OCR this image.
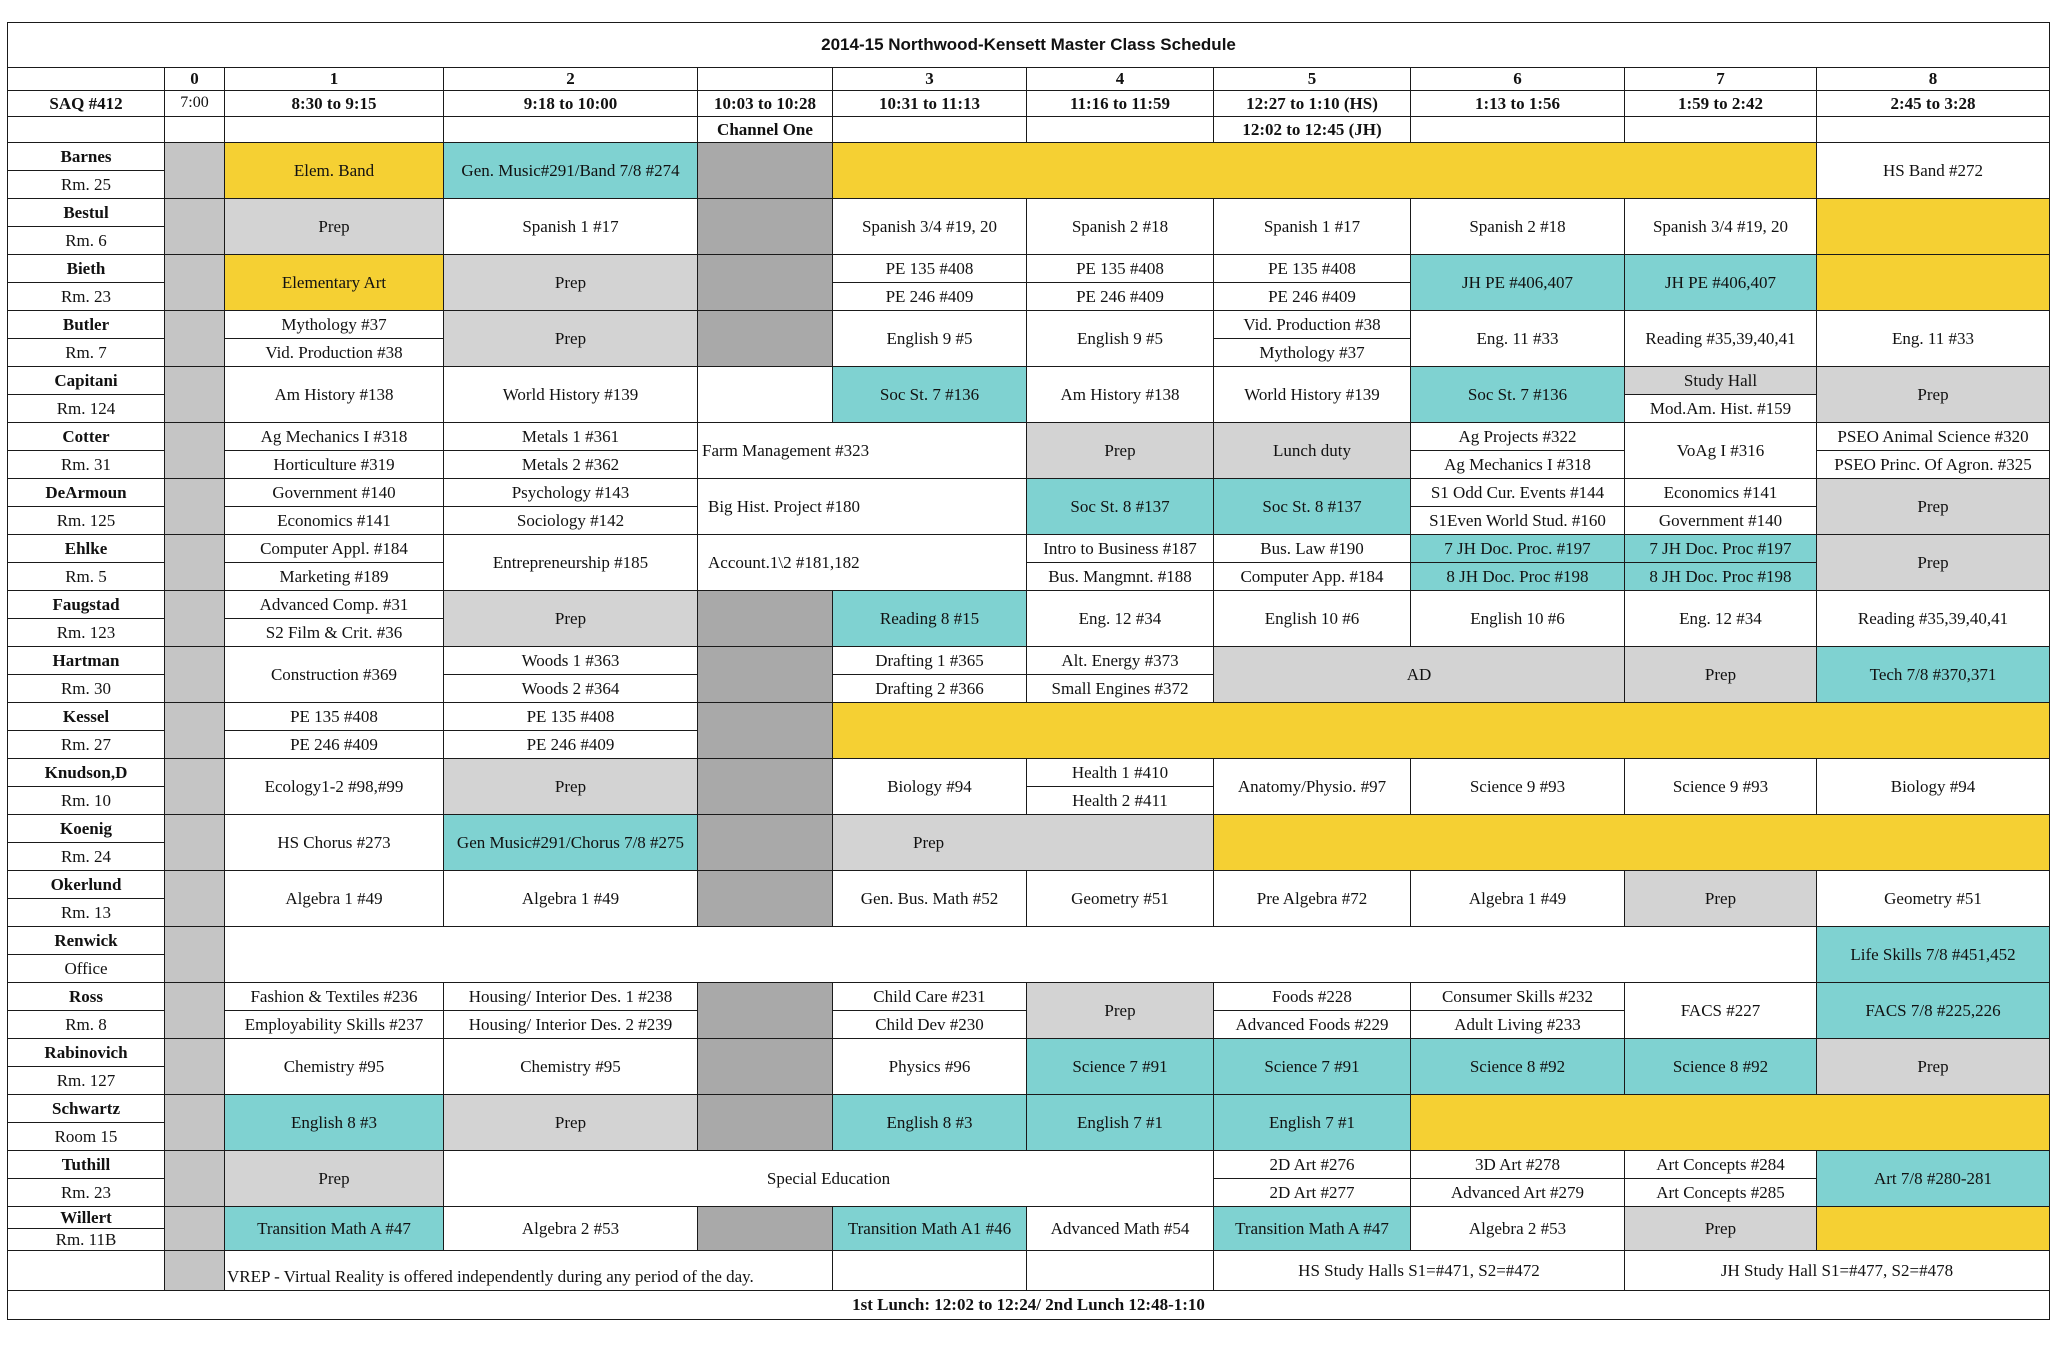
2014-15 Northwood-Kensett Master Class Schedule										
	0	1	2		3	4	5	6	7	8
SAQ #412	7:00	8:30 to 9:15	9:18 to 10:00	10:03 to 10:28	10:31 to 11:13	11:16 to 11:59	12:27 to 1:10 (HS)	1:13 to 1:56	1:59 to 2:42	2:45 to 3:28
				Channel One			12:02 to 12:45 (JH)			
Barnes		Elem. Band	Gen. Music#291/Band 7/8 #274							HS Band #272
Rm. 25										
Bestul		Prep	Spanish 1 #17		Spanish 3/4 #19, 20	Spanish 2 #18	Spanish 1 #17	Spanish 2 #18	Spanish 3/4 #19, 20	
Rm. 6										
Bieth		Elementary Art	Prep		PE 135 #408	PE 135 #408	PE 135 #408	JH PE #406,407	JH PE #406,407	
Rm. 23					PE 246 #409	PE 246 #409	PE 246 #409			
Butler		Mythology #37	Prep		English 9 #5	English 9 #5	Vid. Production #38	Eng. 11 #33	Reading #35,39,40,41	Eng. 11 #33
Rm. 7		Vid. Production #38					Mythology #37			
Capitani		Am History #138	World History #139		Soc St. 7 #136	Am History #138	World History #139	Soc St. 7 #136	Study Hall	Prep
Rm. 124									Mod.Am. Hist. #159	
Cotter		Ag Mechanics I #318	Metals 1 #361	Farm Management #323		Prep	Lunch duty	Ag Projects #322	VoAg I #316	PSEO Animal Science #320
Rm. 31		Horticulture #319	Metals 2 #362					Ag Mechanics I #318		PSEO Princ. Of Agron. #325
DeArmoun		Government #140	Psychology #143	Big Hist. Project #180		Soc St. 8 #137	Soc St. 8 #137	S1 Odd Cur. Events #144	Economics #141	Prep
Rm. 125		Economics #141	Sociology #142					S1Even World Stud. #160	Government #140	
Ehlke		Computer Appl. #184	Entrepreneurship #185	Account.1\2 #181,182		Intro to Business #187	Bus. Law #190	7 JH Doc. Proc. #197	7 JH Doc. Proc #197	Prep
Rm. 5		Marketing #189				Bus. Mangmnt. #188	Computer App. #184	8 JH Doc. Proc #198	8 JH Doc. Proc #198	
Faugstad		Advanced Comp. #31	Prep		Reading 8 #15	Eng. 12 #34	English 10 #6	English 10 #6	Eng. 12 #34	Reading #35,39,40,41
Rm. 123		S2 Film & Crit. #36								
Hartman		Construction #369	Woods 1 #363		Drafting 1 #365	Alt. Energy #373	AD		Prep	Tech 7/8 #370,371
Rm. 30			Woods 2 #364		Drafting 2 #366	Small Engines #372				
Kessel		PE 135 #408	PE 135 #408							
Rm. 27		PE 246 #409	PE 246 #409							
Knudson,D		Ecology1-2 #98,#99	Prep		Biology #94	Health 1 #410	Anatomy/Physio. #97	Science 9 #93	Science 9 #93	Biology #94
Rm. 10						Health 2 #411				
Koenig		HS Chorus #273	Gen Music#291/Chorus 7/8 #275		Prep					
Rm. 24										
Okerlund		Algebra 1 #49	Algebra 1 #49		Gen. Bus. Math #52	Geometry #51	Pre Algebra #72	Algebra 1 #49	Prep	Geometry #51
Rm. 13										
Renwick										Life Skills 7/8 #451,452
Office										
Ross		Fashion & Textiles #236	Housing/ Interior Des. 1 #238		Child Care #231	Prep	Foods #228	Consumer Skills #232	FACS #227	FACS 7/8 #225,226
Rm. 8		Employability Skills #237	Housing/ Interior Des. 2 #239		Child Dev #230		Advanced Foods #229	Adult Living #233		
Rabinovich		Chemistry #95	Chemistry #95		Physics #96	Science 7 #91	Science 7 #91	Science 8 #92	Science 8 #92	Prep
Rm. 127										
Schwartz		English 8 #3	Prep		English 8 #3	English 7 #1	English 7 #1			
Room 15										
Tuthill		Prep	Special Education				2D Art #276	3D Art #278	Art Concepts #284	Art 7/8 #280-281
Rm. 23							2D Art #277	Advanced Art #279	Art Concepts #285	
Willert		Transition Math A #47	Algebra 2 #53		Transition Math A1 #46	Advanced Math #54	Transition Math A #47	Algebra 2 #53	Prep	
Rm. 11B										
		VREP - Virtual Reality is offered independently during any period of the day.					HS Study Halls S1=#471, S2=#472		JH Study Hall S1=#477, S2=#478	
1st Lunch: 12:02 to 12:24/ 2nd Lunch 12:48-1:10										
